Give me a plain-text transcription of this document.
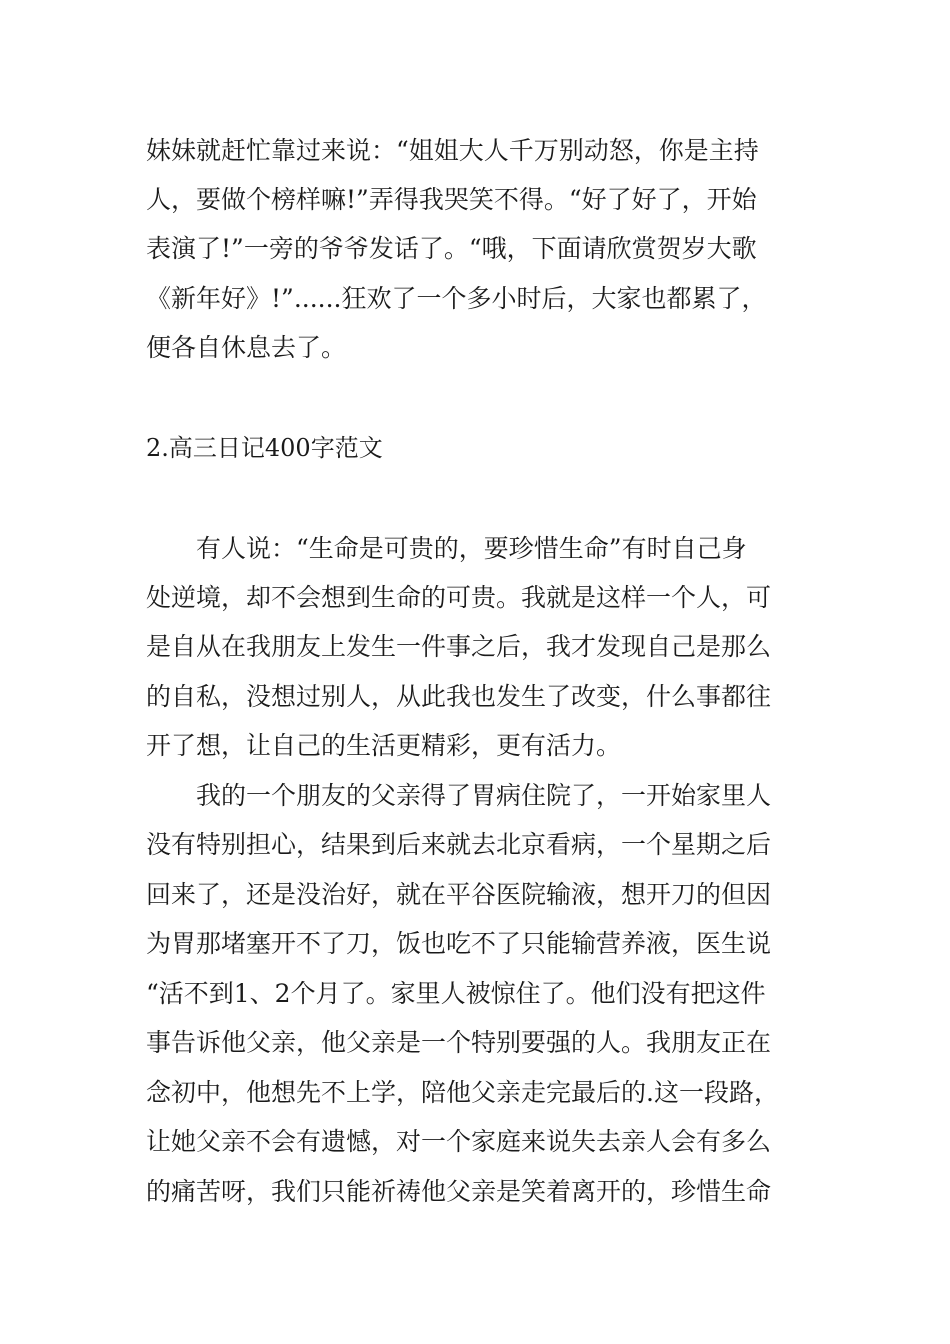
妹妹就赶忙靠过来说：“姐姐大人千万别动怒，你是主持
人，要做个榜样嘛!”弄得我哭笑不得。“好了好了，开始
表演了!”一旁的爷爷发话了。“哦，下面请欣赏贺岁大歌
《新年好》!”......狂欢了一个多小时后，大家也都累了，
便各自休息去了。
2.高三日记400字范文
有人说：“生命是可贵的，要珍惜生命”有时自己身
处逆境，却不会想到生命的可贵。我就是这样一个人，可
是自从在我朋友上发生一件事之后，我才发现自己是那么
的自私，没想过别人，从此我也发生了改变，什么事都往
开了想，让自己的生活更精彩，更有活力。
我的一个朋友的父亲得了胃病住院了，一开始家里人
没有特别担心，结果到后来就去北京看病，一个星期之后
回来了，还是没治好，就在平谷医院输液，想开刀的但因
为胃那堵塞开不了刀，饭也吃不了只能输营养液，医生说
“活不到1、2个月了。家里人被惊住了。他们没有把这件
事告诉他父亲，他父亲是一个特别要强的人。我朋友正在
念初中，他想先不上学，陪他父亲走完最后的.这一段路，
让她父亲不会有遗憾，对一个家庭来说失去亲人会有多么
的痛苦呀，我们只能祈祷他父亲是笑着离开的，珍惜生命
